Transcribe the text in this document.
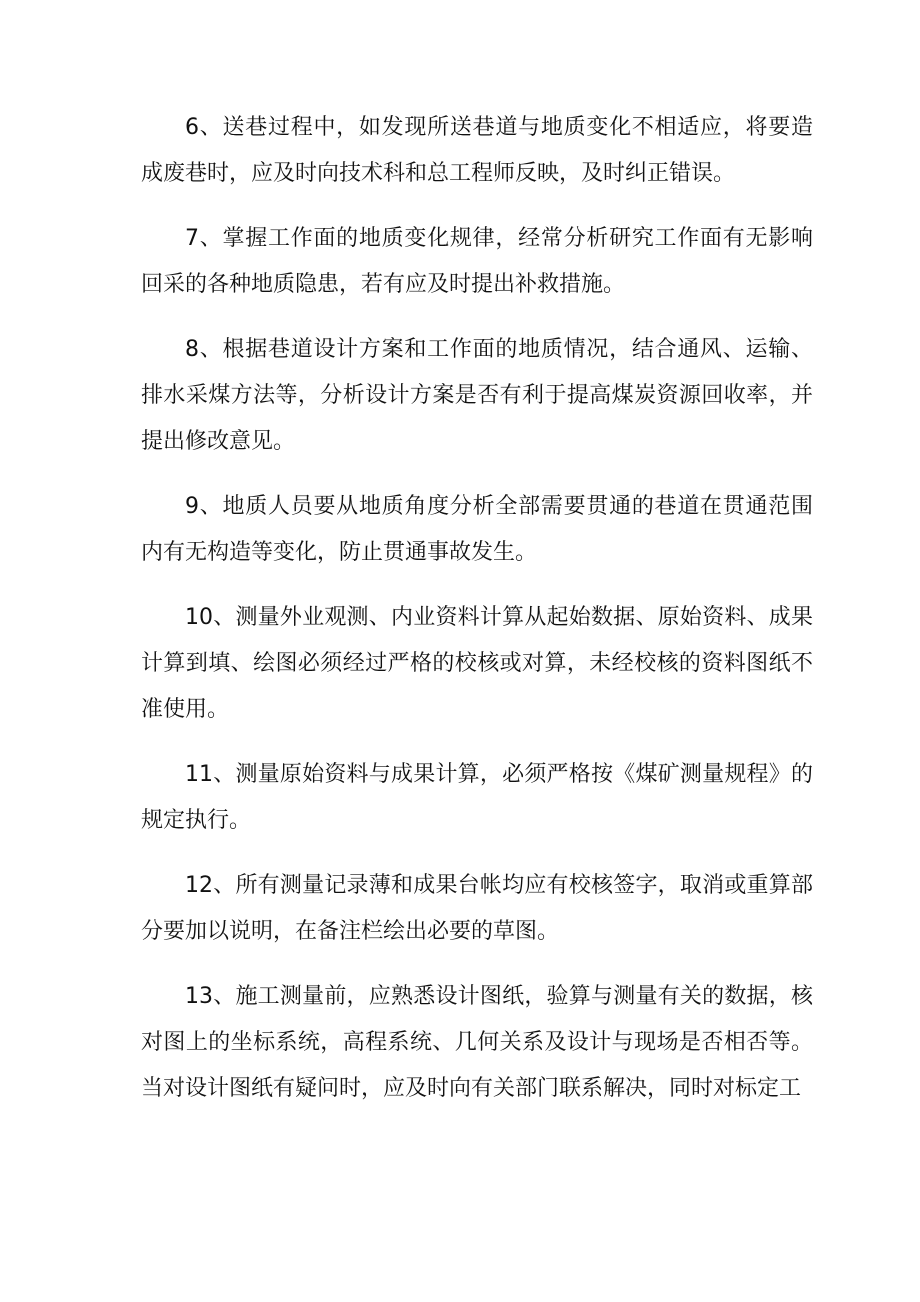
6、送巷过程中，如发现所送巷道与地质变化不相适应，将要造成废巷时，应及时向技术科和总工程师反映，及时纠正错误。

7、掌握工作面的地质变化规律，经常分析研究工作面有无影响回采的各种地质隐患，若有应及时提出补救措施。

8、根据巷道设计方案和工作面的地质情况，结合通风、运输、排水采煤方法等，分析设计方案是否有利于提高煤炭资源回收率，并提出修改意见。

9、地质人员要从地质角度分析全部需要贯通的巷道在贯通范围内有无构造等变化，防止贯通事故发生。

10、测量外业观测、内业资料计算从起始数据、原始资料、成果计算到填、绘图必须经过严格的校核或对算，未经校核的资料图纸不准使用。

11、测量原始资料与成果计算，必须严格按《煤矿测量规程》的规定执行。

12、所有测量记录薄和成果台帐均应有校核签字，取消或重算部分要加以说明，在备注栏绘出必要的草图。

13、施工测量前，应熟悉设计图纸，验算与测量有关的数据，核对图上的坐标系统，高程系统、几何关系及设计与现场是否相否等。当对设计图纸有疑问时，应及时向有关部门联系解决，同时对标定工
